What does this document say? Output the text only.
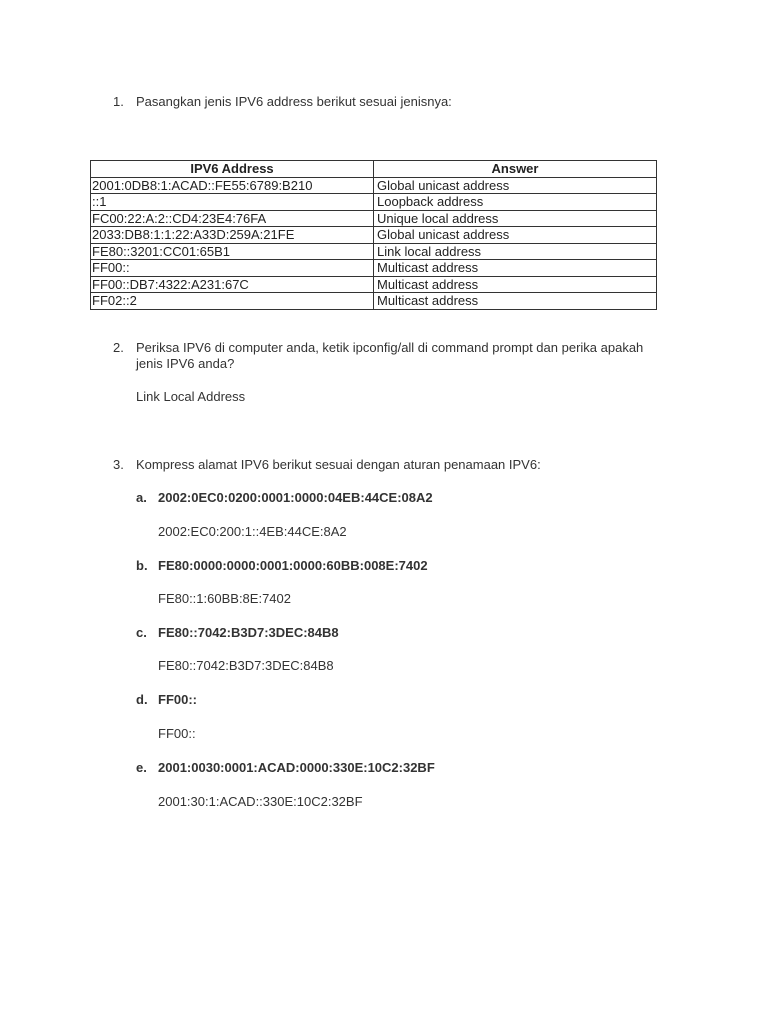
1. Pasangkan jenis IPV6 address berikut sesuai jenisnya:
IPV6 Address	Answer
2001:0DB8:1:ACAD::FE55:6789:B210	Global unicast address
::1	Loopback address
FC00:22:A:2::CD4:23E4:76FA	Unique local address
2033:DB8:1:1:22:A33D:259A:21FE	Global unicast address
FE80::3201:CC01:65B1	Link local address
FF00::	Multicast address
FF00::DB7:4322:A231:67C	Multicast address
FF02::2	Multicast address
2. Periksa IPV6 di computer anda, ketik ipconfig/all di command prompt dan perika apakah
jenis IPV6 anda?
Link Local Address
3. Kompress alamat IPV6 berikut sesuai dengan aturan penamaan IPV6:
a. 2002:0EC0:0200:0001:0000:04EB:44CE:08A2
2002:EC0:200:1::4EB:44CE:8A2
b. FE80:0000:0000:0001:0000:60BB:008E:7402
FE80::1:60BB:8E:7402
c. FE80::7042:B3D7:3DEC:84B8
FE80::7042:B3D7:3DEC:84B8
d. FF00::
FF00::
e. 2001:0030:0001:ACAD:0000:330E:10C2:32BF
2001:30:1:ACAD::330E:10C2:32BF
